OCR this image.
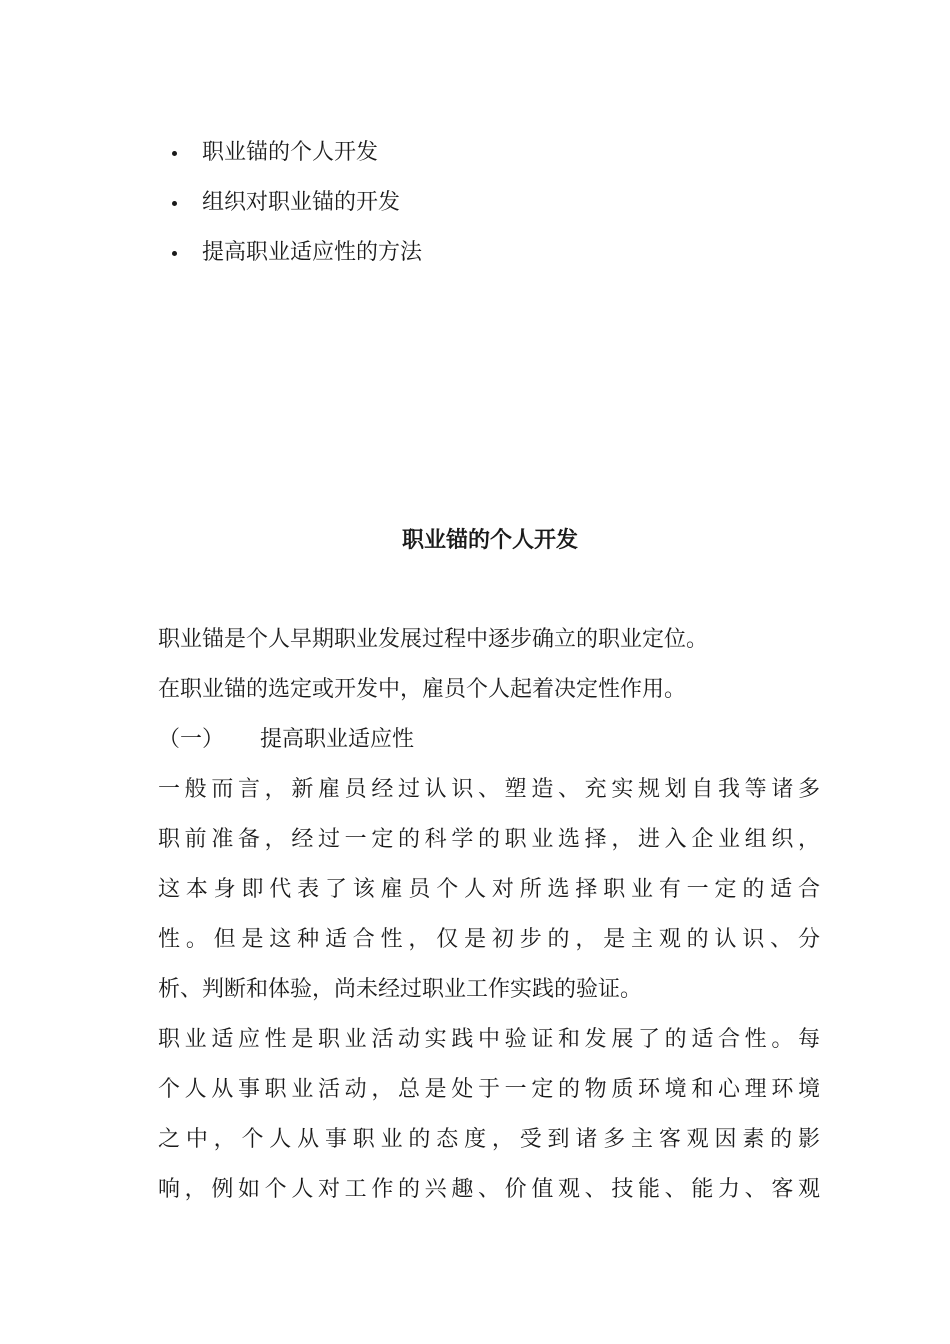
职业锚的个人开发
组织对职业锚的开发
提高职业适应性的方法
职业锚的个人开发
职业锚是个人早期职业发展过程中逐步确立的职业定位。
在职业锚的选定或开发中，雇员个人起着决定性作用。
（一） 提高职业适应性
一般而言，新雇员经过认识、塑造、充实规划自我等诸多
职前准备，经过一定的科学的职业选择，进入企业组织，
这本身即代表了该雇员个人对所选择职业有一定的适合
性。但是这种适合性，仅是初步的，是主观的认识、分
析、判断和体验，尚未经过职业工作实践的验证。
职业适应性是职业活动实践中验证和发展了的适合性。每
个人从事职业活动，总是处于一定的物质环境和心理环境
之中，个人从事职业的态度，受到诸多主客观因素的影
响，例如个人对工作的兴趣、价值观、技能、能力、客观
